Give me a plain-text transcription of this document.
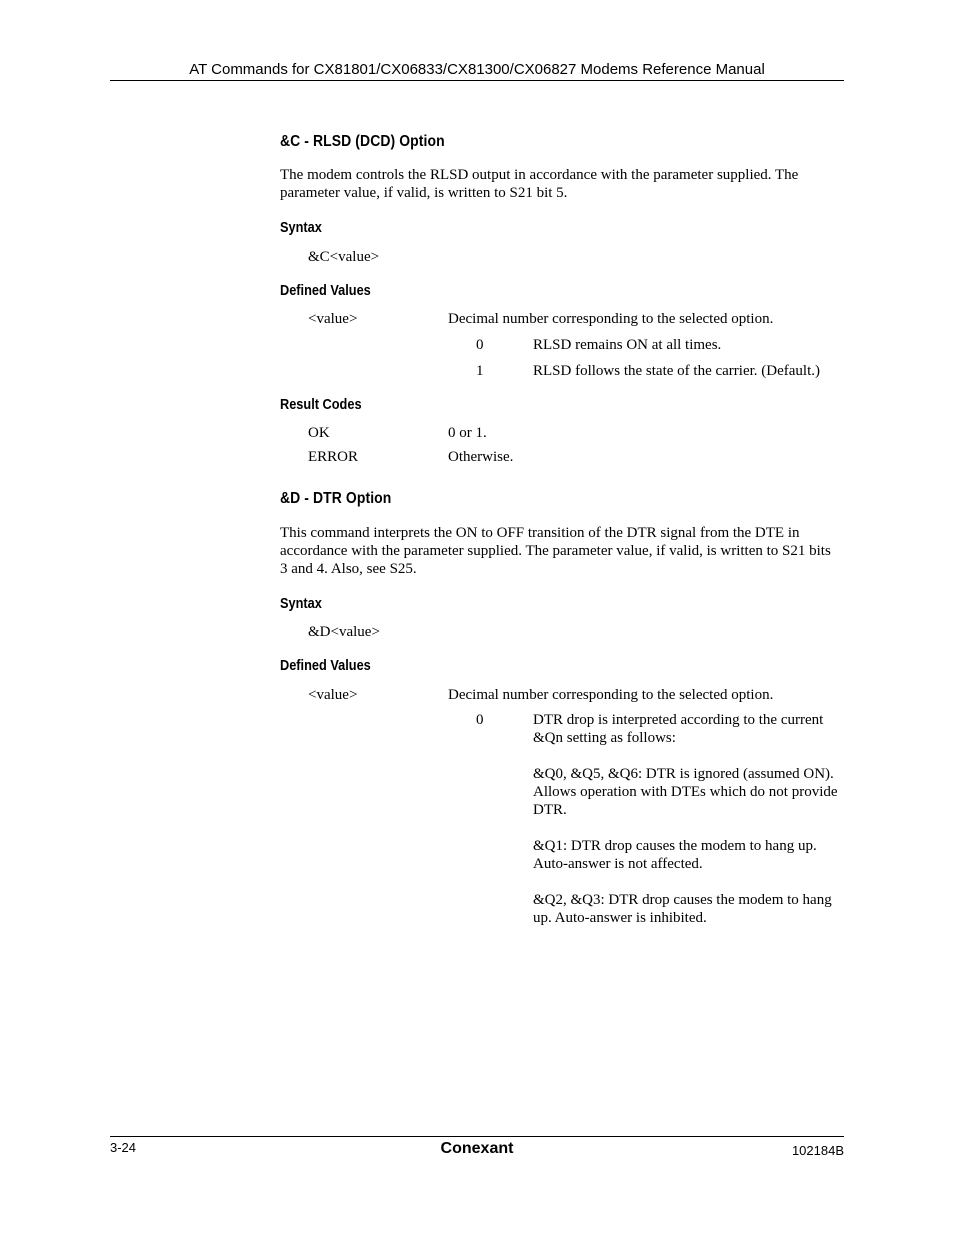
AT Commands for CX81801/CX06833/CX81300/CX06827 Modems Reference Manual
&C - RLSD (DCD) Option
The modem controls the RLSD output in accordance with the parameter supplied. The parameter value, if valid, is written to S21 bit 5.
Syntax
&C<value>
Defined Values
<value>	Decimal number corresponding to the selected option.
0	RLSD remains ON at all times.
1	RLSD follows the state of the carrier. (Default.)
Result Codes
OK	0 or 1.
ERROR	Otherwise.
&D - DTR Option
This command interprets the ON to OFF transition of the DTR signal from the DTE in accordance with the parameter supplied. The parameter value, if valid, is written to S21 bits 3 and 4. Also, see S25.
Syntax
&D<value>
Defined Values
<value>	Decimal number corresponding to the selected option.
0	DTR drop is interpreted according to the current &Qn setting as follows:
&Q0, &Q5, &Q6: DTR is ignored (assumed ON). Allows operation with DTEs which do not provide DTR.
&Q1: DTR drop causes the modem to hang up. Auto-answer is not affected.
&Q2, &Q3: DTR drop causes the modem to hang up. Auto-answer is inhibited.
3-24	Conexant	102184B
